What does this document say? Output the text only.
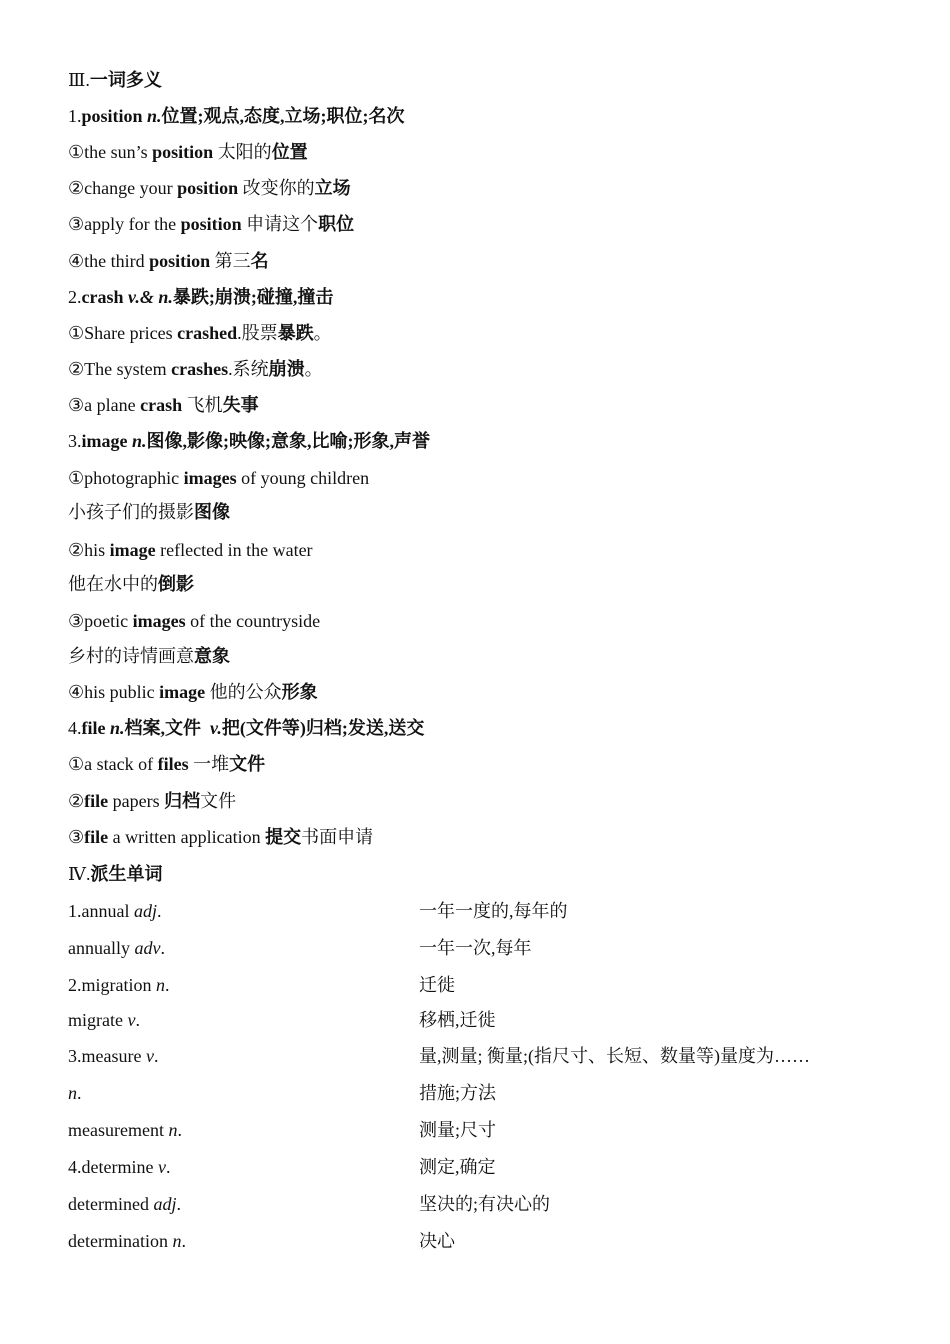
Ⅲ.一词多义
1.position n.位置;观点,态度,立场;职位;名次
①the sun’s position 太阳的位置
②change your position 改变你的立场
③apply for the position 申请这个职位
④the third position 第三名
2.crash v.& n.暴跌;崩溃;碰撞,撞击
①Share prices crashed.股票暴跌。
②The system crashes.系统崩溃。
③a plane crash 飞机失事
3.image n.图像,影像;映像;意象,比喻;形象,声誉
①photographic images of young children
小孩子们的摄影图像
②his image reflected in the water
他在水中的倒影
③poetic images of the countryside
乡村的诗情画意意象
④his public image 他的公众形象
4.file n.档案,文件 v.把(文件等)归档;发送,送交
①a stack of files 一堆文件
②file papers 归档文件
③file a written application 提交书面申请
Ⅳ.派生单词
1.annual adj.	一年一度的,每年的
annually adv.	一年一次,每年
2.migration n.	迁徙
migrate v.	移栖,迁徙
3.measure v.	量,测量; 衡量;(指尺寸、长短、数量等)量度为……
n.	措施;方法
measurement n.	测量;尺寸
4.determine v.	测定,确定
determined adj.	坚决的;有决心的
determination n.	决心
